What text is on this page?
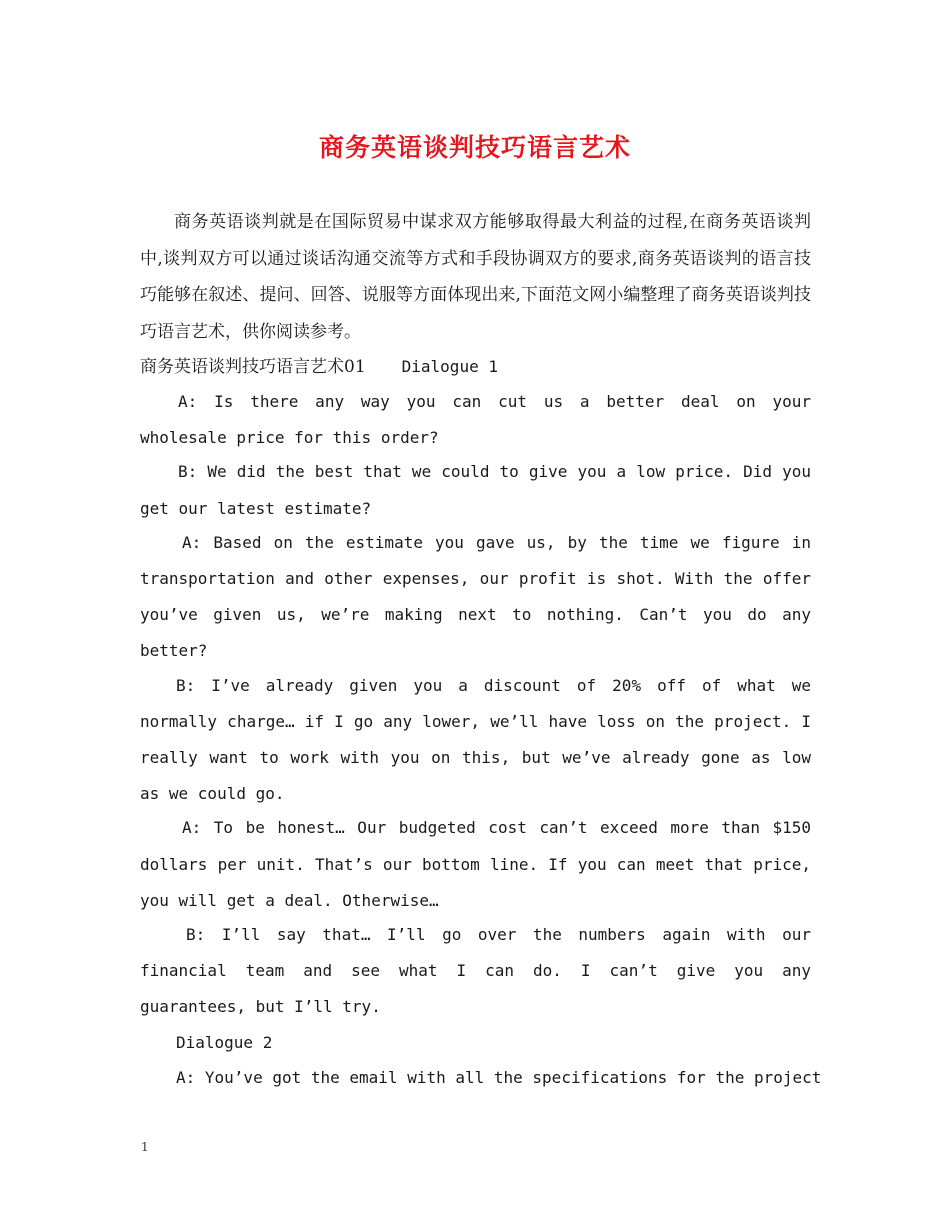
商务英语谈判技巧语言艺术

商务英语谈判就是在国际贸易中谋求双方能够取得最大利益的过程,在商务英语谈判中,谈判双方可以通过谈话沟通交流等方式和手段协调双方的要求,商务英语谈判的语言技巧能够在叙述、提问、回答、说服等方面体现出来,下面范文网小编整理了商务英语谈判技巧语言艺术，供你阅读参考。

商务英语谈判技巧语言艺术01 Dialogue 1

A: Is there any way you can cut us a better deal on your wholesale price for this order?

B: We did the best that we could to give you a low price. Did you get our latest estimate?

A: Based on the estimate you gave us, by the time we figure in transportation and other expenses, our profit is shot. With the offer you’ve given us, we’re making next to nothing. Can’t you do any better?

B: I’ve already given you a discount of 20% off of what we normally charge… if I go any lower, we’ll have loss on the project. I really want to work with you on this, but we’ve already gone as low as we could go.

A: To be honest… Our budgeted cost can’t exceed more than $150 dollars per unit. That’s our bottom line. If you can meet that price, you will get a deal. Otherwise…

B: I’ll say that… I’ll go over the numbers again with our financial team and see what I can do. I can’t give you any guarantees, but I’ll try.

Dialogue 2

A: You’ve got the email with all the specifications for the project

1
